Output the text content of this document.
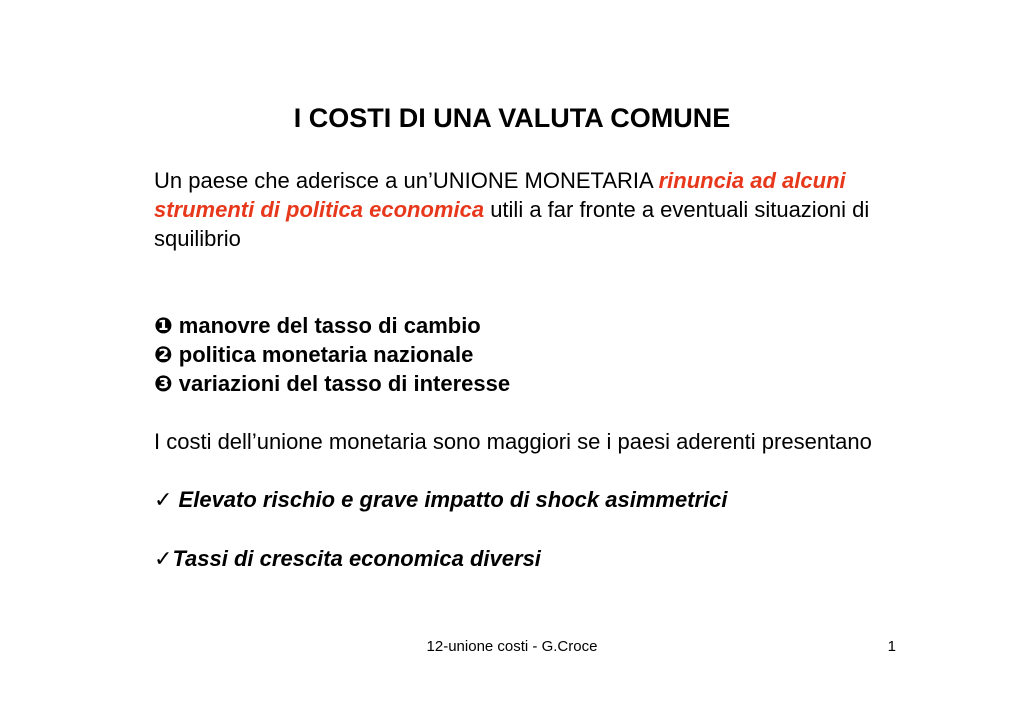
I COSTI DI UNA VALUTA COMUNE
Un paese che aderisce a un’UNIONE MONETARIA rinuncia ad alcuni strumenti di politica economica utili a far fronte a eventuali situazioni di squilibrio
❶ manovre del tasso di cambio
❷ politica monetaria nazionale
❸ variazioni del tasso di interesse
I costi dell’unione monetaria sono maggiori se i paesi aderenti presentano
✓ Elevato rischio e grave impatto di shock asimmetrici
✓Tassi di crescita economica diversi
12-unione costi - G.Croce	1
